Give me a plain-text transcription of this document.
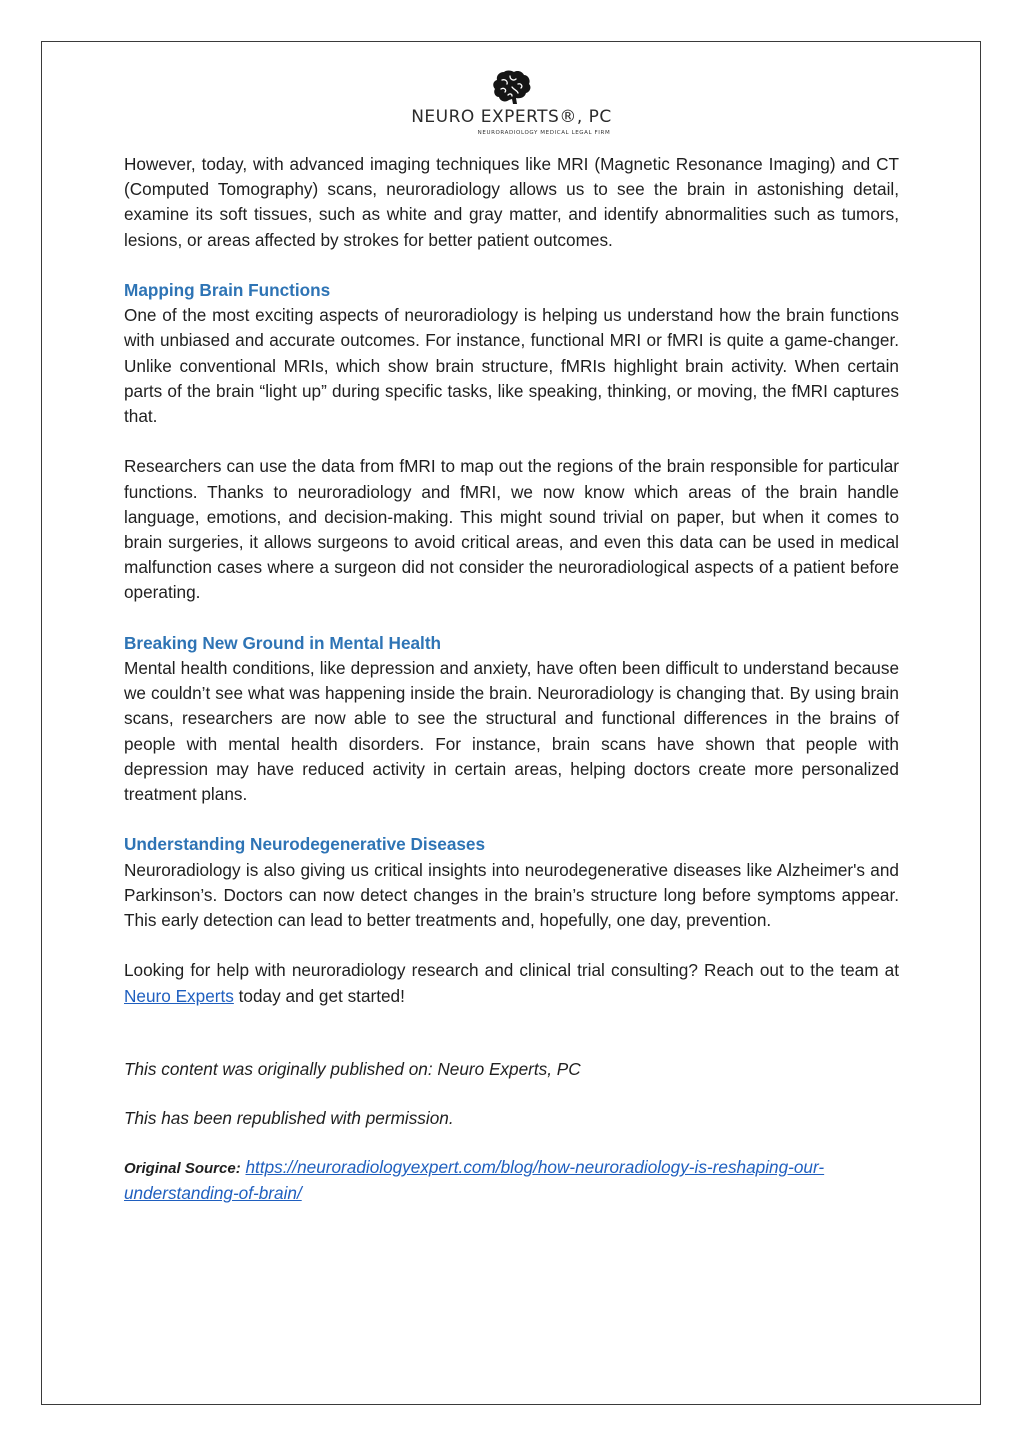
NEURO EXPERTS®, PC
NEURORADIOLOGY MEDICAL LEGAL FIRM

However, today, with advanced imaging techniques like MRI (Magnetic Resonance Imaging) and CT (Computed Tomography) scans, neuroradiology allows us to see the brain in astonishing detail, examine its soft tissues, such as white and gray matter, and identify abnormalities such as tumors, lesions, or areas affected by strokes for better patient outcomes.

Mapping Brain Functions

One of the most exciting aspects of neuroradiology is helping us understand how the brain functions with unbiased and accurate outcomes. For instance, functional MRI or fMRI is quite a game-changer. Unlike conventional MRIs, which show brain structure, fMRIs highlight brain activity. When certain parts of the brain “light up” during specific tasks, like speaking, thinking, or moving, the fMRI captures that.

Researchers can use the data from fMRI to map out the regions of the brain responsible for particular functions. Thanks to neuroradiology and fMRI, we now know which areas of the brain handle language, emotions, and decision-making. This might sound trivial on paper, but when it comes to brain surgeries, it allows surgeons to avoid critical areas, and even this data can be used in medical malfunction cases where a surgeon did not consider the neuroradiological aspects of a patient before operating.

Breaking New Ground in Mental Health

Mental health conditions, like depression and anxiety, have often been difficult to understand because we couldn’t see what was happening inside the brain. Neuroradiology is changing that. By using brain scans, researchers are now able to see the structural and functional differences in the brains of people with mental health disorders. For instance, brain scans have shown that people with depression may have reduced activity in certain areas, helping doctors create more personalized treatment plans.

Understanding Neurodegenerative Diseases

Neuroradiology is also giving us critical insights into neurodegenerative diseases like Alzheimer's and Parkinson’s. Doctors can now detect changes in the brain’s structure long before symptoms appear. This early detection can lead to better treatments and, hopefully, one day, prevention.

Looking for help with neuroradiology research and clinical trial consulting? Reach out to the team at Neuro Experts today and get started!

This content was originally published on: Neuro Experts, PC

This has been republished with permission.

Original Source: https://neuroradiologyexpert.com/blog/how-neuroradiology-is-reshaping-our-understanding-of-brain/
